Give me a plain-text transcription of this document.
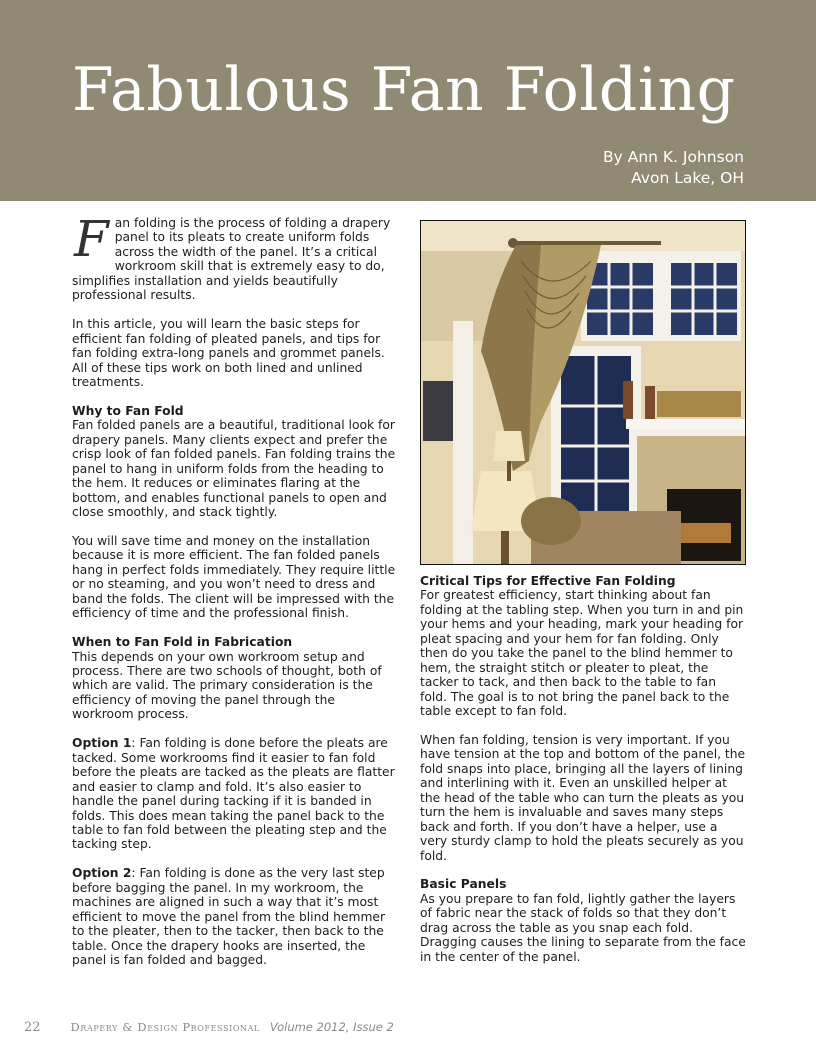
Fabulous Fan Folding
By Ann K. Johnson
Avon Lake, OH

Fan folding is the process of folding a drapery panel to its pleats to create uniform folds across the width of the panel. It’s a critical workroom skill that is extremely easy to do, simplifies installation and yields beautifully professional results.

In this article, you will learn the basic steps for efficient fan folding of pleated panels, and tips for fan folding extra-long panels and grommet panels. All of these tips work on both lined and unlined treatments.

Why to Fan Fold

Fan folded panels are a beautiful, traditional look for drapery panels. Many clients expect and prefer the crisp look of fan folded panels. Fan folding trains the panel to hang in uniform folds from the heading to the hem. It reduces or eliminates flaring at the bottom, and enables functional panels to open and close smoothly, and stack tightly.

You will save time and money on the installation because it is more efficient. The fan folded panels hang in perfect folds immediately. They require little or no steaming, and you won’t need to dress and band the folds. The client will be impressed with the efficiency of time and the professional finish.

When to Fan Fold in Fabrication

This depends on your own workroom setup and process. There are two schools of thought, both of which are valid. The primary consideration is the efficiency of moving the panel through the workroom process.

Option 1: Fan folding is done before the pleats are tacked. Some workrooms find it easier to fan fold before the pleats are tacked as the pleats are flatter and easier to clamp and fold. It’s also easier to handle the panel during tacking if it is banded in folds. This does mean taking the panel back to the table to fan fold between the pleating step and the tacking step.

Option 2: Fan folding is done as the very last step before bagging the panel. In my workroom, the machines are aligned in such a way that it’s most efficient to move the panel from the blind hemmer to the pleater, then to the tacker, then back to the table. Once the drapery hooks are inserted, the panel is fan folded and bagged.

Critical Tips for Effective Fan Folding

For greatest efficiency, start thinking about fan folding at the tabling step. When you turn in and pin your hems and your heading, mark your heading for pleat spacing and your hem for fan folding. Only then do you take the panel to the blind hemmer to hem, the straight stitch or pleater to pleat, the tacker to tack, and then back to the table to fan fold. The goal is to not bring the panel back to the table except to fan fold.

When fan folding, tension is very important. If you have tension at the top and bottom of the panel, the fold snaps into place, bringing all the layers of lining and interlining with it. Even an unskilled helper at the head of the table who can turn the pleats as you turn the hem is invaluable and saves many steps back and forth. If you don’t have a helper, use a very sturdy clamp to hold the pleats securely as you fold.

Basic Panels

As you prepare to fan fold, lightly gather the layers of fabric near the stack of folds so that they don’t drag across the table as you snap each fold. Dragging causes the lining to separate from the face in the center of the panel.

22	Drapery & Design Professional Volume 2012, Issue 2
